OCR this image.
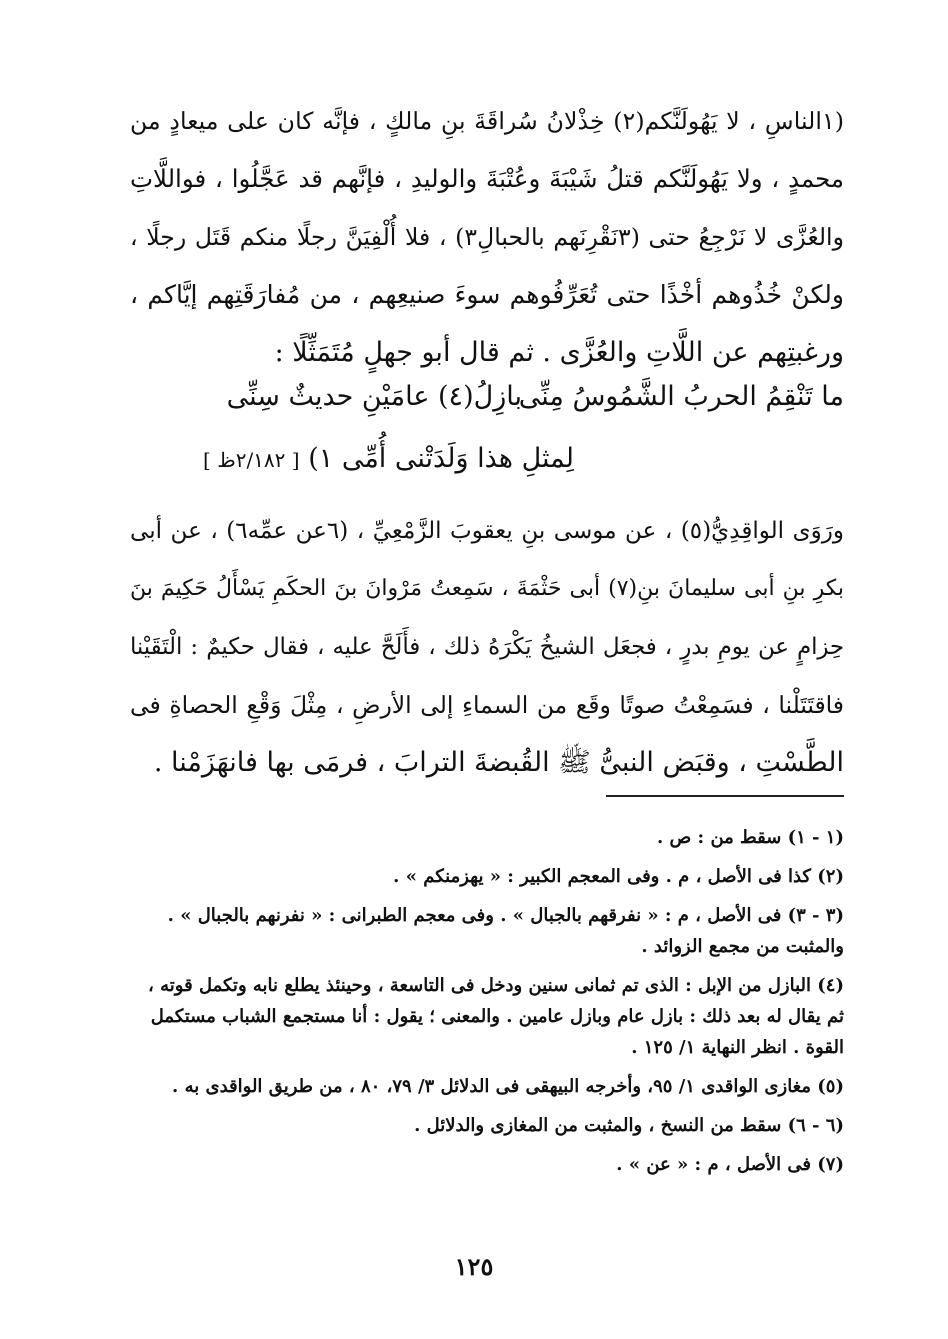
(١الناسِ ، لا يَهُولَنَّكم(٢) خِذْلانُ سُراقَةَ بنِ مالكٍ ، فإنَّه كان على ميعادٍ من
محمدٍ ، ولا يَهُولَنَّكم قتلُ شَيْبَةَ وعُتْبَةَ والوليدِ ، فإنَّهم قد عَجَّلُوا ، فواللَّاتِ
والعُزَّى لا نَرْجِعُ حتى (٣نَقْرِنَهم بالحبالِ٣) ، فلا أُلْفِيَنَّ رجلًا منكم قَتَل رجلًا ،
ولكنْ خُذُوهم أخْذًا حتى تُعَرِّفُوهم سوءَ صنيعِهم ، من مُفارَقَتِهم إيَّاكم ،
ورغبتِهم عن اللَّاتِ والعُزَّى . ثم قال أبو جهلٍ مُتَمَثِّلًا :
ما تَنْقِمُ الحربُ الشَّمُوسُ مِنِّى
بازِلُ(٤) عامَيْنِ حديثٌ سِنِّى
لِمثلِ هذا وَلَدَتْنى أُمِّى ١) [ ٢/١٨٢ظ ]
ورَوَى الواقِدِيُّ(٥) ، عن موسى بنِ يعقوبَ الزَّمْعِيِّ ، (٦عن عمِّه٦) ، عن أبى
بكرِ بنِ أبى سليمانَ بنِ(٧) أبى حَثْمَةَ ، سَمِعتُ مَرْوانَ بنَ الحكَمِ يَسْأَلُ حَكِيمَ بنَ
حِزامٍ عن يومِ بدرٍ ، فجعَل الشيخُ يَكْرَهُ ذلك ، فأَلَحَّ عليه ، فقال حكيمٌ : الْتَقَيْنا
فاقتَتَلْنا ، فسَمِعْتُ صوتًا وقَع من السماءِ إلى الأرضِ ، مِثْلَ وَقْعِ الحصاةِ فى
الطَّسْتِ ، وقبَض النبىُّ ﷺ القُبضةَ الترابَ ، فرمَى بها فانهَزَمْنا .

(١ - ١) سقط من : ص .

(٢) كذا فى الأصل ، م . وفى المعجم الكبير : « يهزمنكم » .

(٣ - ٣) فى الأصل ، م : « نفرقهم بالجبال » . وفى معجم الطبرانى : « نفرنهم بالجبال » . والمثبت من مجمع الزوائد .

(٤) البازل من الإبل : الذى تم ثمانى سنين ودخل فى التاسعة ، وحينئذ يطلع نابه وتكمل قوته ، ثم يقال له بعد ذلك : بازل عام وبازل عامين . والمعنى ؛ يقول : أنا مستجمع الشباب مستكمل القوة . انظر النهاية ١/ ١٢٥ .

(٥) مغازى الواقدى ١/ ٩٥، وأخرجه البيهقى فى الدلائل ٣/ ٧٩، ٨٠ ، من طريق الواقدى به .

(٦ - ٦) سقط من النسخ ، والمثبت من المغازى والدلائل .

(٧) فى الأصل ، م : « عن » .

١٢٥
